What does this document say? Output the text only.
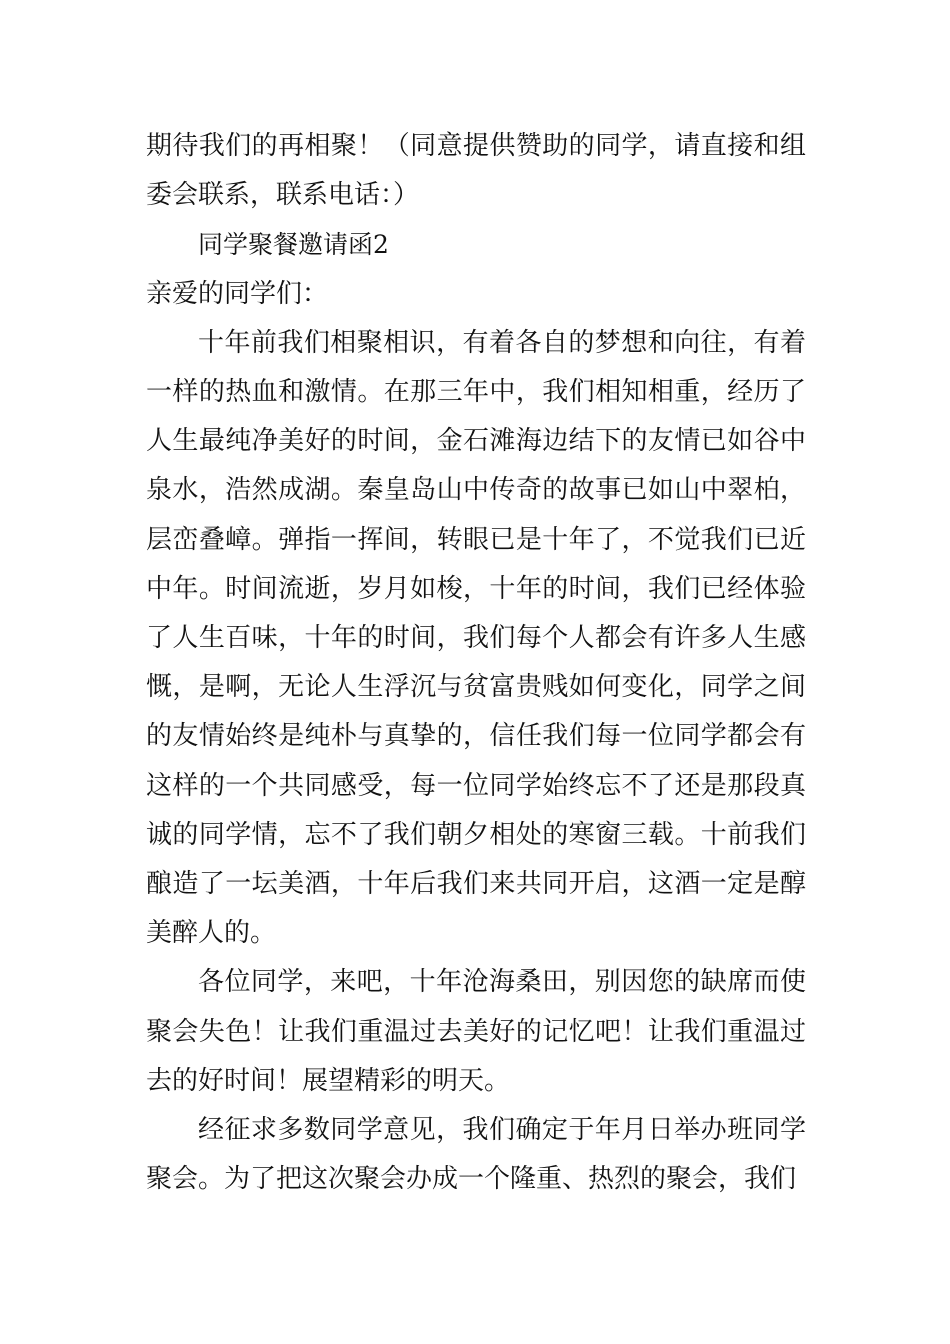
期待我们的再相聚！（同意提供赞助的同学，请直接和组委会联系，联系电话：）

同学聚餐邀请函2

亲爱的同学们：

十年前我们相聚相识，有着各自的梦想和向往，有着一样的热血和激情。在那三年中，我们相知相重，经历了人生最纯净美好的时间，金石滩海边结下的友情已如谷中泉水，浩然成湖。秦皇岛山中传奇的故事已如山中翠柏，层峦叠嶂。弹指一挥间，转眼已是十年了，不觉我们已近中年。时间流逝，岁月如梭，十年的时间，我们已经体验了人生百味，十年的时间，我们每个人都会有许多人生感慨，是啊，无论人生浮沉与贫富贵贱如何变化，同学之间的友情始终是纯朴与真挚的，信任我们每一位同学都会有这样的一个共同感受，每一位同学始终忘不了还是那段真诚的同学情，忘不了我们朝夕相处的寒窗三载。十前我们酿造了一坛美酒，十年后我们来共同开启，这酒一定是醇美醉人的。

各位同学，来吧，十年沧海桑田，别因您的缺席而使聚会失色！让我们重温过去美好的记忆吧！让我们重温过去的好时间！展望精彩的明天。

经征求多数同学意见，我们确定于年月日举办班同学聚会。为了把这次聚会办成一个隆重、热烈的聚会，我们
